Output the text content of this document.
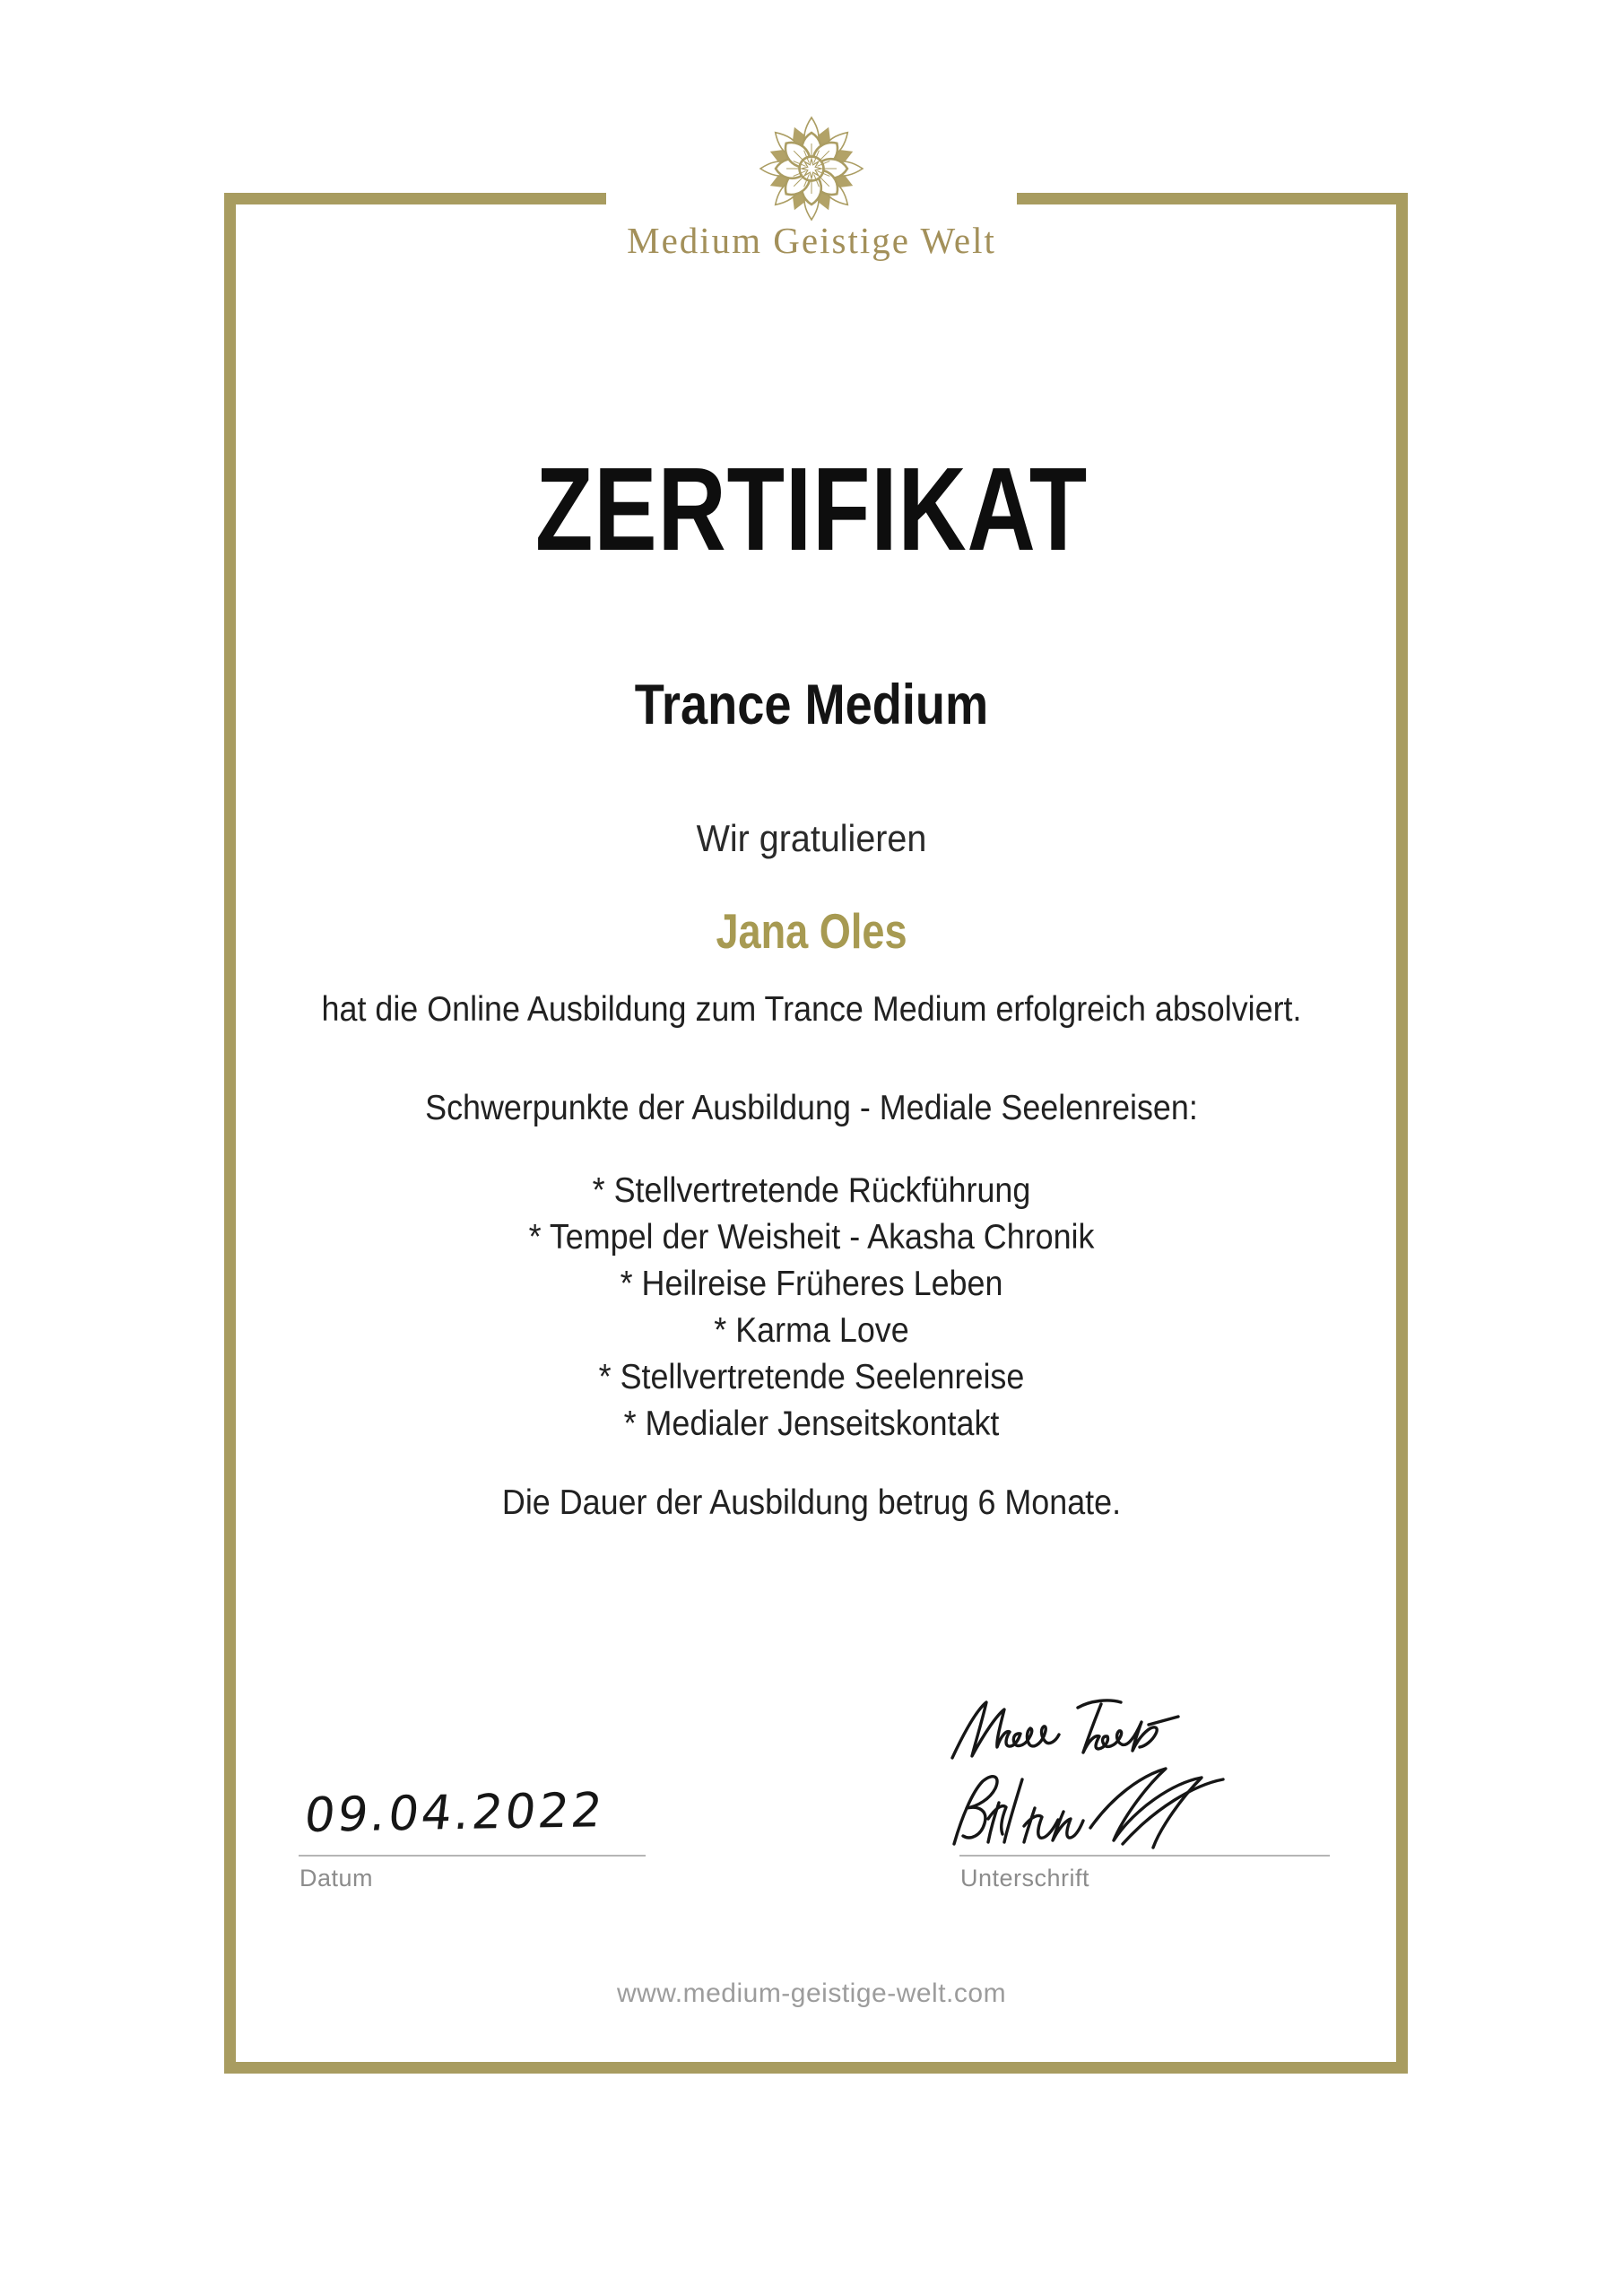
Medium Geistige Welt
ZERTIFIKAT
Trance Medium
Wir gratulieren
Jana Oles
hat die Online Ausbildung zum Trance Medium erfolgreich absolviert.
Schwerpunkte der Ausbildung - Mediale Seelenreisen:
* Stellvertretende Rückführung
* Tempel der Weisheit - Akasha Chronik
* Heilreise Früheres Leben
* Karma Love
* Stellvertretende Seelenreise
* Medialer Jenseitskontakt
Die Dauer der Ausbildung betrug 6 Monate.
09.04.2022
Datum	Unterschrift
www.medium-geistige-welt.com
